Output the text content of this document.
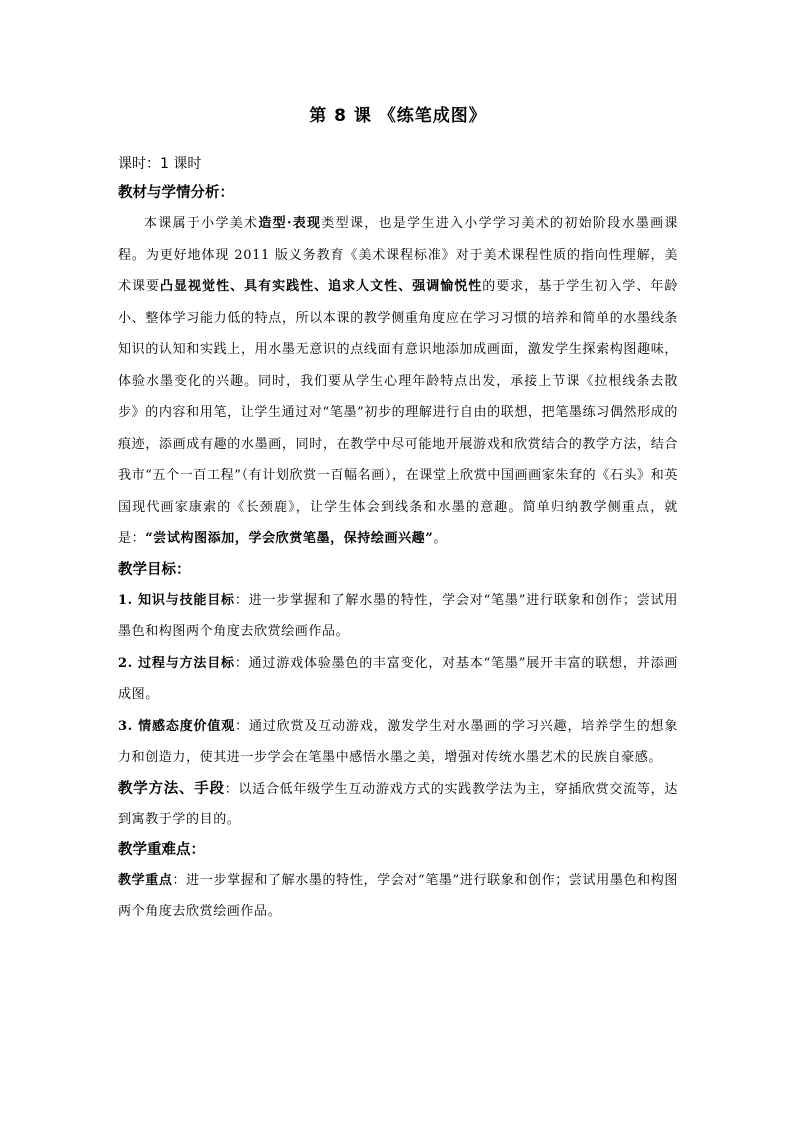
第 8 课 《练笔成图》

课时：1 课时

教材与学情分析：

本课属于小学美术造型·表现类型课，也是学生进入小学学习美术的初始阶段水墨画课程。为更好地体现 2011 版义务教育《美术课程标准》对于美术课程性质的指向性理解，美术课要凸显视觉性、具有实践性、追求人文性、强调愉悦性的要求，基于学生初入学、年龄小、整体学习能力低的特点，所以本课的教学侧重角度应在学习习惯的培养和简单的水墨线条知识的认知和实践上，用水墨无意识的点线面有意识地添加成画面，激发学生探索构图趣味，体验水墨变化的兴趣。同时，我们要从学生心理年龄特点出发，承接上节课《拉根线条去散步》的内容和用笔，让学生通过对“笔墨”初步的理解进行自由的联想，把笔墨练习偶然形成的痕迹，添画成有趣的水墨画，同时，在教学中尽可能地开展游戏和欣赏结合的教学方法，结合我市“五个一百工程”（有计划欣赏一百幅名画），在课堂上欣赏中国画画家朱耷的《石头》和英国现代画家康索的《长颈鹿》，让学生体会到线条和水墨的意趣。简单归纳教学侧重点，就是：“尝试构图添加，学会欣赏笔墨，保持绘画兴趣”。

教学目标：

1. 知识与技能目标：进一步掌握和了解水墨的特性，学会对“笔墨”进行联象和创作；尝试用墨色和构图两个角度去欣赏绘画作品。

2. 过程与方法目标：通过游戏体验墨色的丰富变化，对基本“笔墨”展开丰富的联想，并添画成图。

3. 情感态度价值观：通过欣赏及互动游戏，激发学生对水墨画的学习兴趣，培养学生的想象力和创造力，使其进一步学会在笔墨中感悟水墨之美，增强对传统水墨艺术的民族自豪感。

教学方法、手段：以适合低年级学生互动游戏方式的实践教学法为主，穿插欣赏交流等，达到寓教于学的目的。

教学重难点：

教学重点：进一步掌握和了解水墨的特性，学会对“笔墨”进行联象和创作；尝试用墨色和构图两个角度去欣赏绘画作品。
